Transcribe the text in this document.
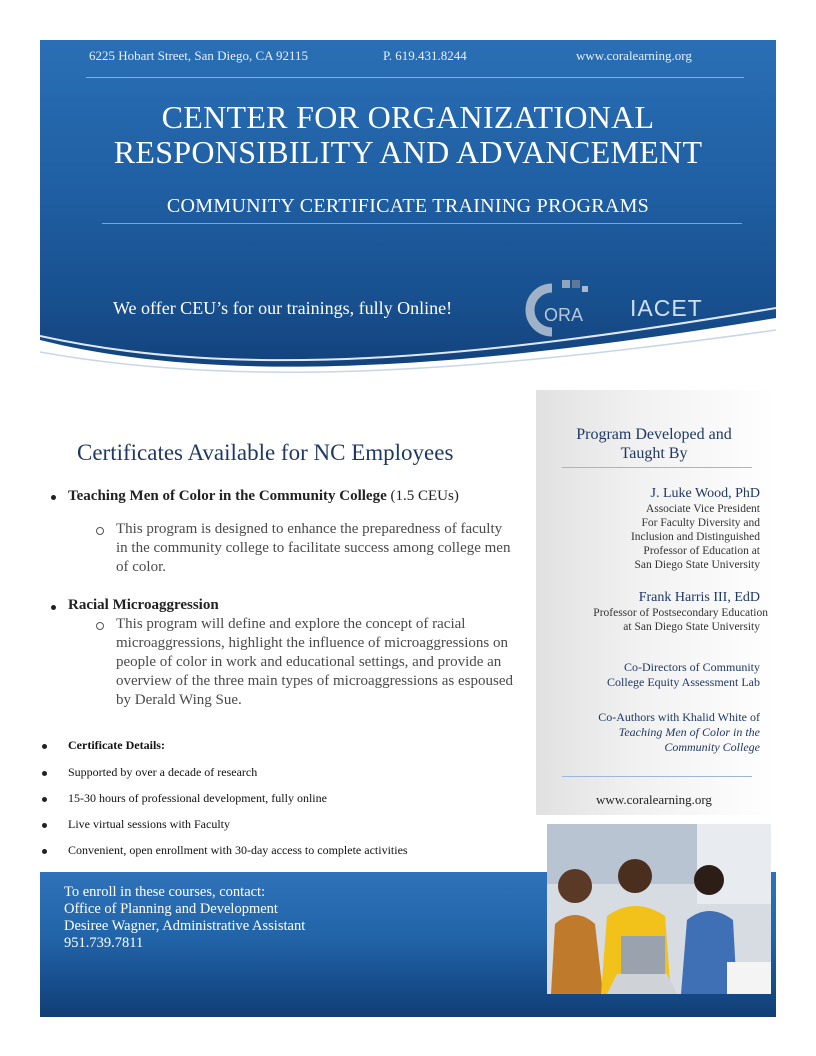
6225 Hobart Street, San Diego, CA 92115	P. 619.431.8244	www.coralearning.org
CENTER FOR ORGANIZATIONAL
RESPONSIBILITY AND ADVANCEMENT
COMMUNITY CERTIFICATE TRAINING PROGRAMS
We offer CEU’s for our trainings, fully Online!	ORA IACET
Certificates Available for NC Employees
Teaching Men of Color in the Community College (1.5 CEUs)
This program is designed to enhance the preparedness of faculty in the community college to facilitate success among college men of color.
Racial Microaggression
This program will define and explore the concept of racial microaggressions, highlight the influence of microaggressions on people of color in work and educational settings, and provide an overview of the three main types of microaggressions as espoused by Derald Wing Sue.
Certificate Details:
Supported by over a decade of research
15-30 hours of professional development, fully online
Live virtual sessions with Faculty
Convenient, open enrollment with 30-day access to complete activities
Program Developed and
Taught By
J. Luke Wood, PhD
Associate Vice President
For Faculty Diversity and
Inclusion and Distinguished
Professor of Education at
San Diego State University
Frank Harris III, EdD
Professor of Postsecondary Education
at San Diego State University
Co-Directors of Community
College Equity Assessment Lab
Co-Authors with Khalid White of
Teaching Men of Color in the
Community College
www.coralearning.org
To enroll in these courses, contact:
Office of Planning and Development
Desiree Wagner, Administrative Assistant
951.739.7811
